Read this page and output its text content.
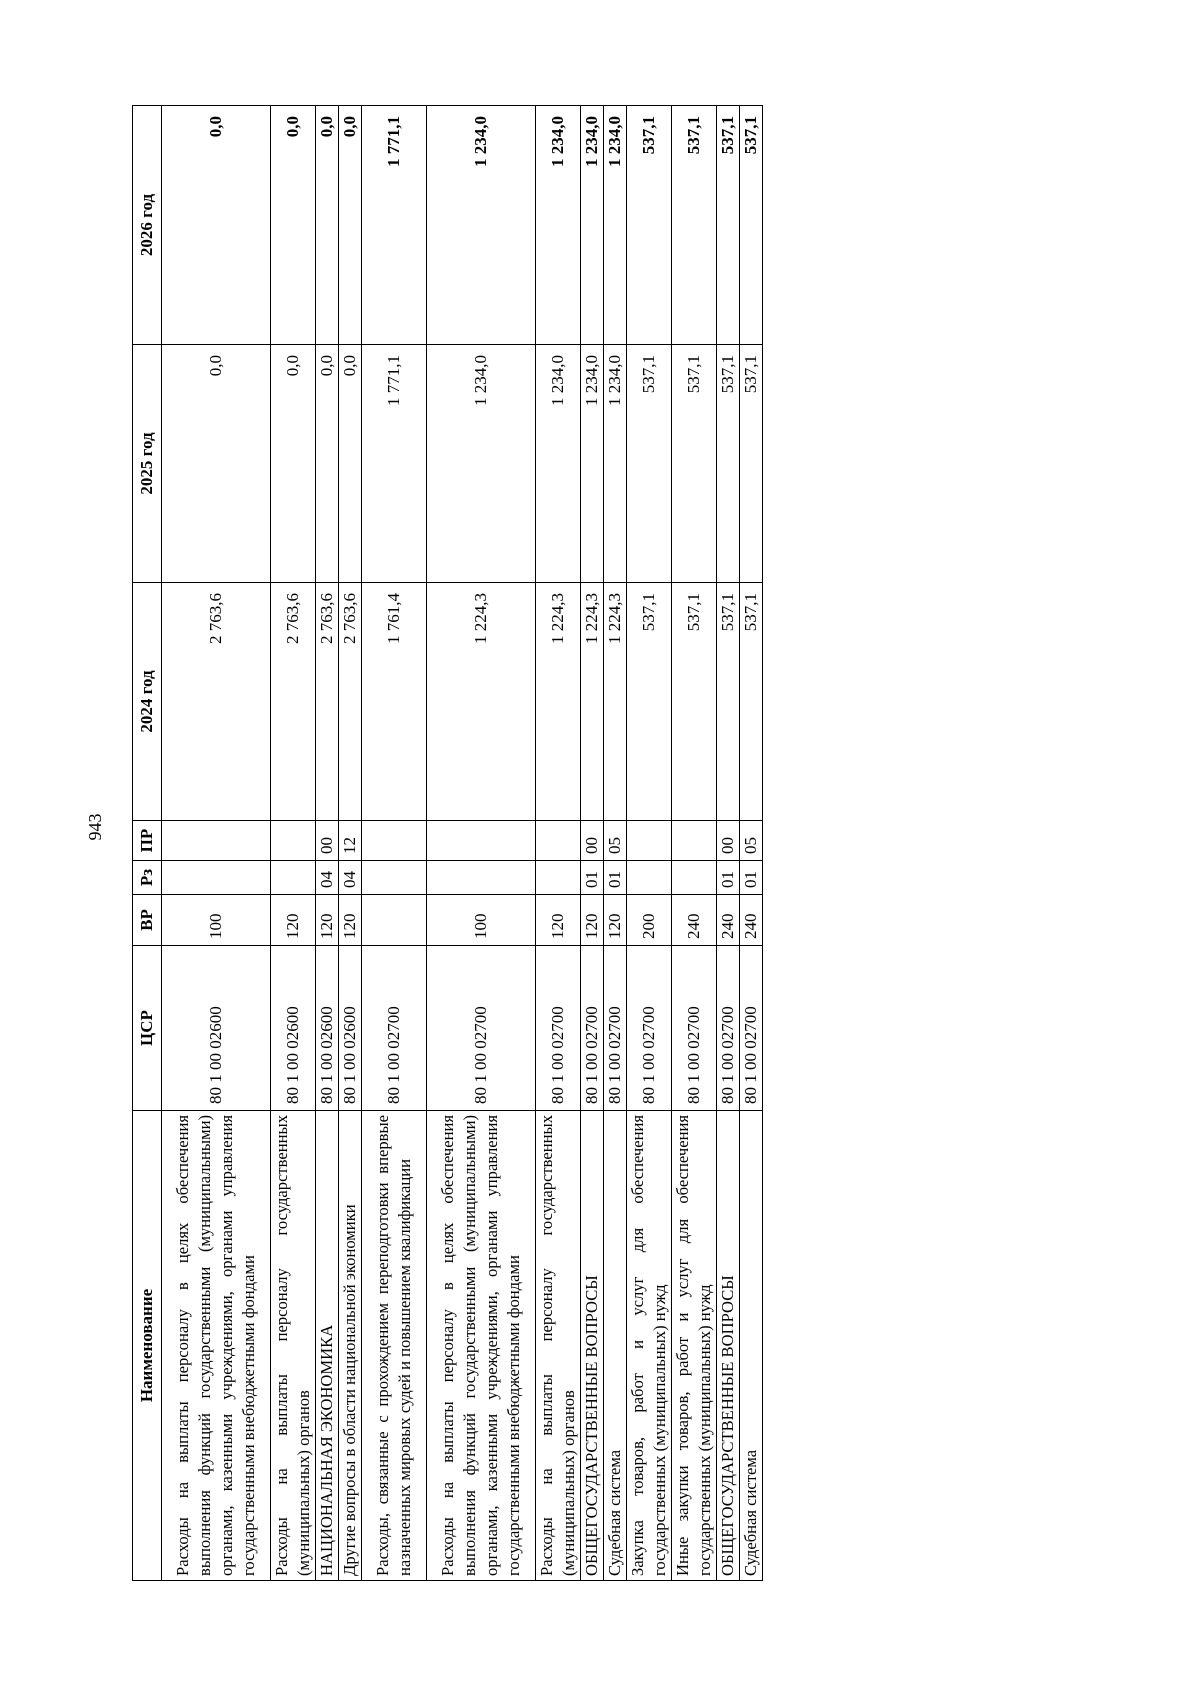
943
Наименование	ЦСР	ВР	Рз	ПР	2024 год	2025 год	2026 год
Расходы на выплаты персоналу в целях обеспечения выполнения функций государственными (муниципальными) органами, казенными учреждениями, органами управления государственными внебюджетными фондами	80 1 00 02600	100			2 763,6	0,0	0,0
Расходы на выплаты персоналу государственных (муниципальных) органов	80 1 00 02600	120			2 763,6	0,0	0,0
НАЦИОНАЛЬНАЯ ЭКОНОМИКА	80 1 00 02600	120	04	00	2 763,6	0,0	0,0
Другие вопросы в области национальной экономики	80 1 00 02600	120	04	12	2 763,6	0,0	0,0
Расходы, связанные с прохождением переподготовки впервые назначенных мировых судей и повышением квалификации	80 1 00 02700				1 761,4	1 771,1	1 771,1
Расходы на выплаты персоналу в целях обеспечения выполнения функций государственными (муниципальными) органами, казенными учреждениями, органами управления государственными внебюджетными фондами	80 1 00 02700	100			1 224,3	1 234,0	1 234,0
Расходы на выплаты персоналу государственных (муниципальных) органов	80 1 00 02700	120			1 224,3	1 234,0	1 234,0
ОБЩЕГОСУДАРСТВЕННЫЕ ВОПРОСЫ	80 1 00 02700	120	01	00	1 224,3	1 234,0	1 234,0
Судебная система	80 1 00 02700	120	01	05	1 224,3	1 234,0	1 234,0
Закупка товаров, работ и услуг для обеспечения государственных (муниципальных) нужд	80 1 00 02700	200			537,1	537,1	537,1
Иные закупки товаров, работ и услуг для обеспечения государственных (муниципальных) нужд	80 1 00 02700	240			537,1	537,1	537,1
ОБЩЕГОСУДАРСТВЕННЫЕ ВОПРОСЫ	80 1 00 02700	240	01	00	537,1	537,1	537,1
Судебная система	80 1 00 02700	240	01	05	537,1	537,1	537,1
